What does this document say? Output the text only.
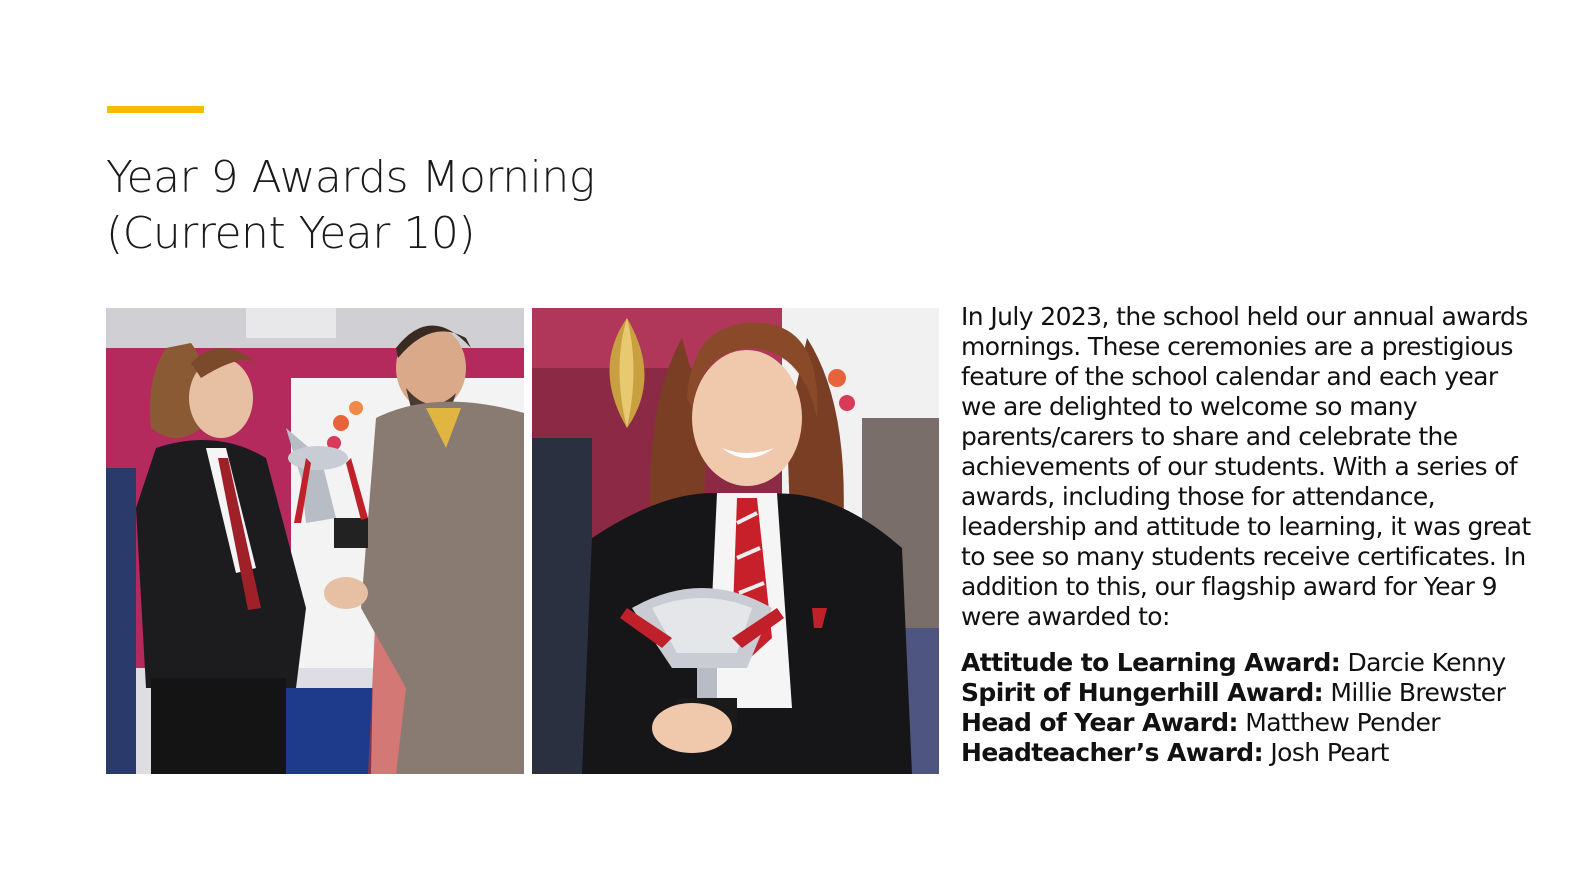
Year 9 Awards Morning
(Current Year 10)

In July 2023, the school held our annual awards
mornings. These ceremonies are a prestigious
feature of the school calendar and each year
we are delighted to welcome so many
parents/carers to share and celebrate the
achievements of our students. With a series of
awards, including those for attendance,
leadership and attitude to learning, it was great
to see so many students receive certificates. In
addition to this, our flagship award for Year 9
were awarded to:

Attitude to Learning Award: Darcie Kenny
Spirit of Hungerhill Award: Millie Brewster
Head of Year Award: Matthew Pender
Headteacher’s Award: Josh Peart
